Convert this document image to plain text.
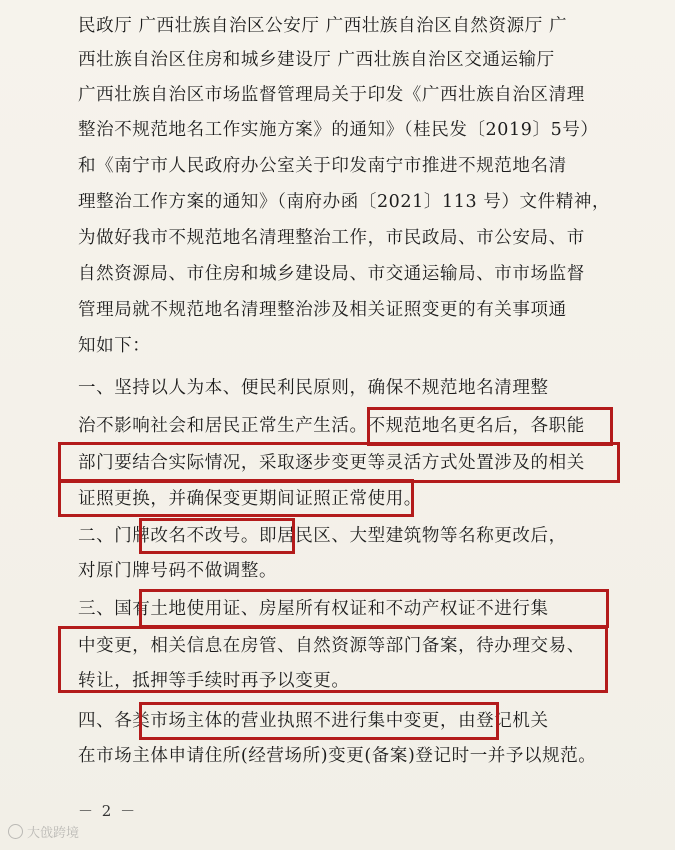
民政厅 广西壮族自治区公安厅 广西壮族自治区自然资源厅 广
西壮族自治区住房和城乡建设厅 广西壮族自治区交通运输厅
广西壮族自治区市场监督管理局关于印发《广西壮族自治区清理
整治不规范地名工作实施方案》的通知》（桂民发〔2019〕5号）
和《南宁市人民政府办公室关于印发南宁市推进不规范地名清
理整治工作方案的通知》（南府办函〔2021〕113 号）文件精神，
为做好我市不规范地名清理整治工作，市民政局、市公安局、市
自然资源局、市住房和城乡建设局、市交通运输局、市市场监督
管理局就不规范地名清理整治涉及相关证照变更的有关事项通
知如下：
一、坚持以人为本、便民利民原则，确保不规范地名清理整
治不影响社会和居民正常生产生活。不规范地名更名后，各职能
部门要结合实际情况，采取逐步变更等灵活方式处置涉及的相关
证照更换，并确保变更期间证照正常使用。
二、门牌改名不改号。即居民区、大型建筑物等名称更改后，
对原门牌号码不做调整。
三、国有土地使用证、房屋所有权证和不动产权证不进行集
中变更，相关信息在房管、自然资源等部门备案，待办理交易、
转让，抵押等手续时再予以变更。
四、各类市场主体的营业执照不进行集中变更，由登记机关
在市场主体申请住所(经营场所)变更(备案)登记时一并予以规范。
－ 2 －
大戗跨境
